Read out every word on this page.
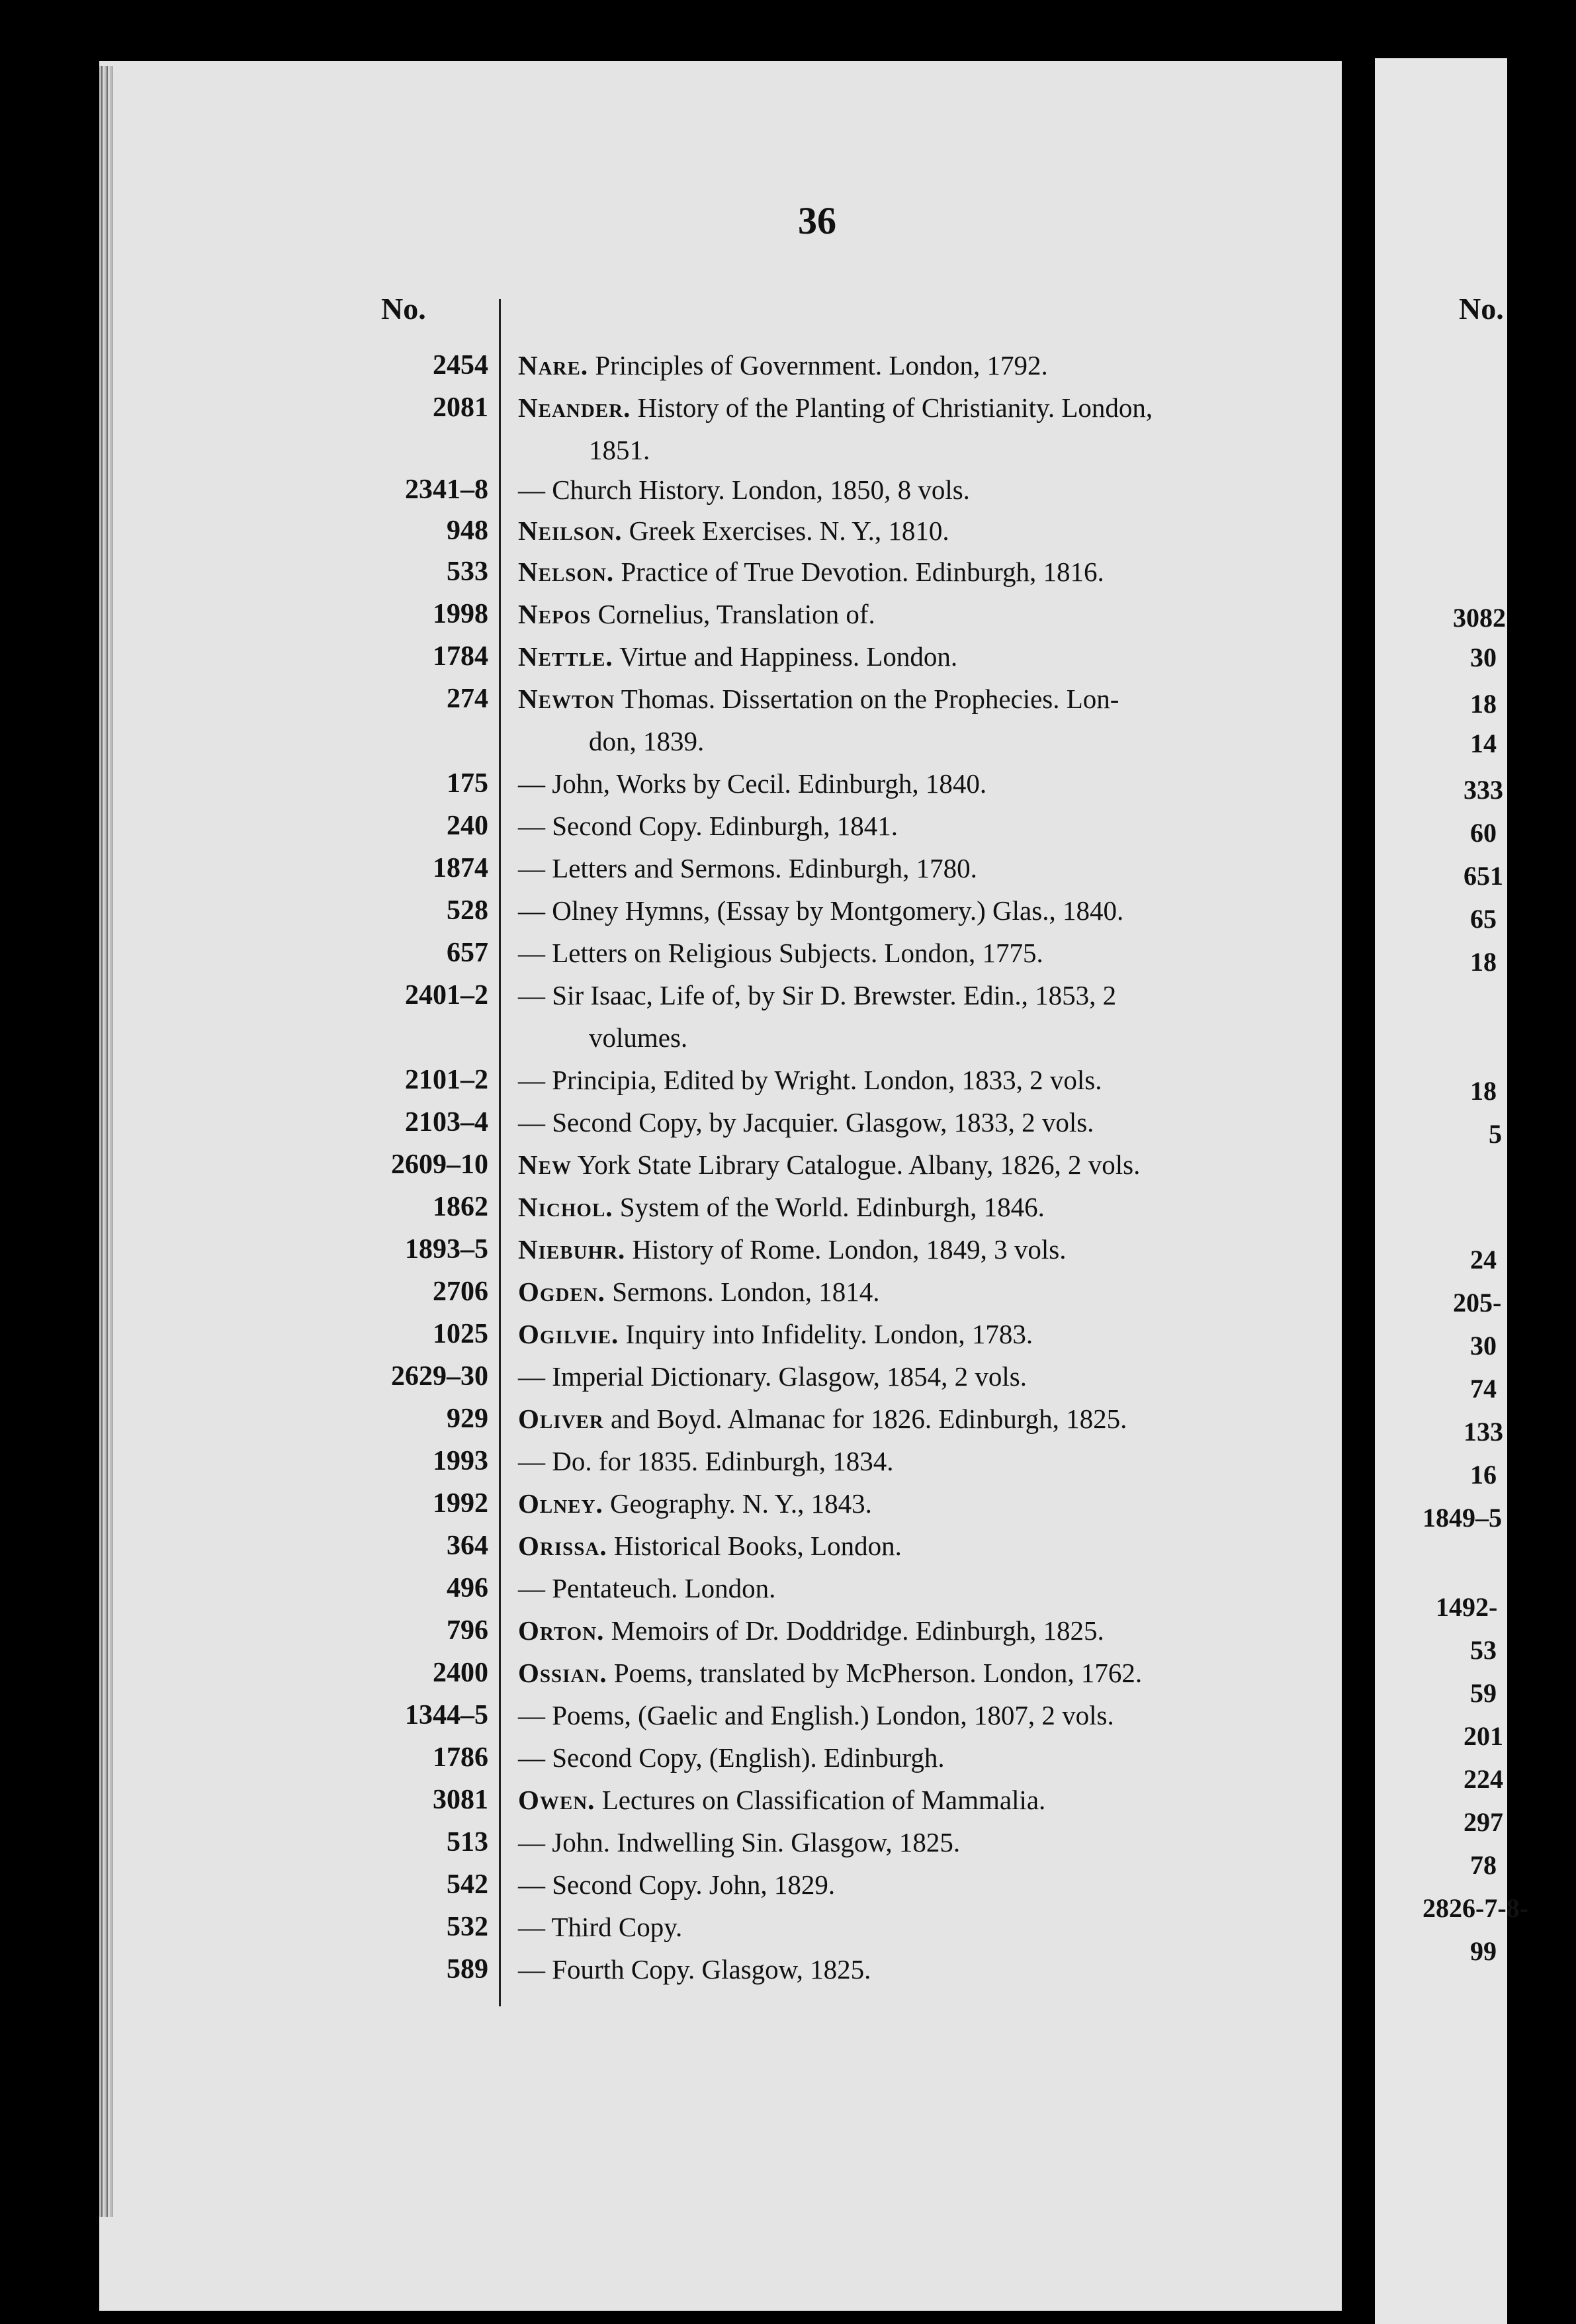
36
No.	No.
2454 Nare. Principles of Government. London, 1792.
2081 Neander. History of the Planting of Christianity. London,
1851.
2341–8 — Church History. London, 1850, 8 vols.
948 Neilson. Greek Exercises. N. Y., 1810.
533 Nelson. Practice of True Devotion. Edinburgh, 1816.
1998 Nepos Cornelius, Translation of.
1784 Nettle. Virtue and Happiness. London.
274 Newton Thomas. Dissertation on the Prophecies. Lon-
don, 1839.
175 — John, Works by Cecil. Edinburgh, 1840.
240 — Second Copy. Edinburgh, 1841.
1874 — Letters and Sermons. Edinburgh, 1780.
528 — Olney Hymns, (Essay by Montgomery.) Glas., 1840.
657 — Letters on Religious Subjects. London, 1775.
2401–2 — Sir Isaac, Life of, by Sir D. Brewster. Edin., 1853, 2
volumes.
2101–2 — Principia, Edited by Wright. London, 1833, 2 vols.
2103–4 — Second Copy, by Jacquier. Glasgow, 1833, 2 vols.
2609–10 New York State Library Catalogue. Albany, 1826, 2 vols.
1862 Nichol. System of the World. Edinburgh, 1846.
1893–5 Niebuhr. History of Rome. London, 1849, 3 vols.
2706 Ogden. Sermons. London, 1814.
1025 Ogilvie. Inquiry into Infidelity. London, 1783.
2629–30 — Imperial Dictionary. Glasgow, 1854, 2 vols.
929 Oliver and Boyd. Almanac for 1826. Edinburgh, 1825.
1993 — Do. for 1835. Edinburgh, 1834.
1992 Olney. Geography. N. Y., 1843.
364 Orissa. Historical Books, London.
496 — Pentateuch. London.
796 Orton. Memoirs of Dr. Doddridge. Edinburgh, 1825.
2400 Ossian. Poems, translated by McPherson. London, 1762.
1344–5 — Poems, (Gaelic and English.) London, 1807, 2 vols.
1786 — Second Copy, (English). Edinburgh.
3081 Owen. Lectures on Classification of Mammalia.
513 — John. Indwelling Sin. Glasgow, 1825.
542 — Second Copy. John, 1829.
532 — Third Copy.
589 — Fourth Copy. Glasgow, 1825.
3082
30
18
14
333
60
651
65
18
18
5
24
205-
30
74
133
16
1849–5
1492-
53
59
201
224
297
78
2826-7-8-
99
